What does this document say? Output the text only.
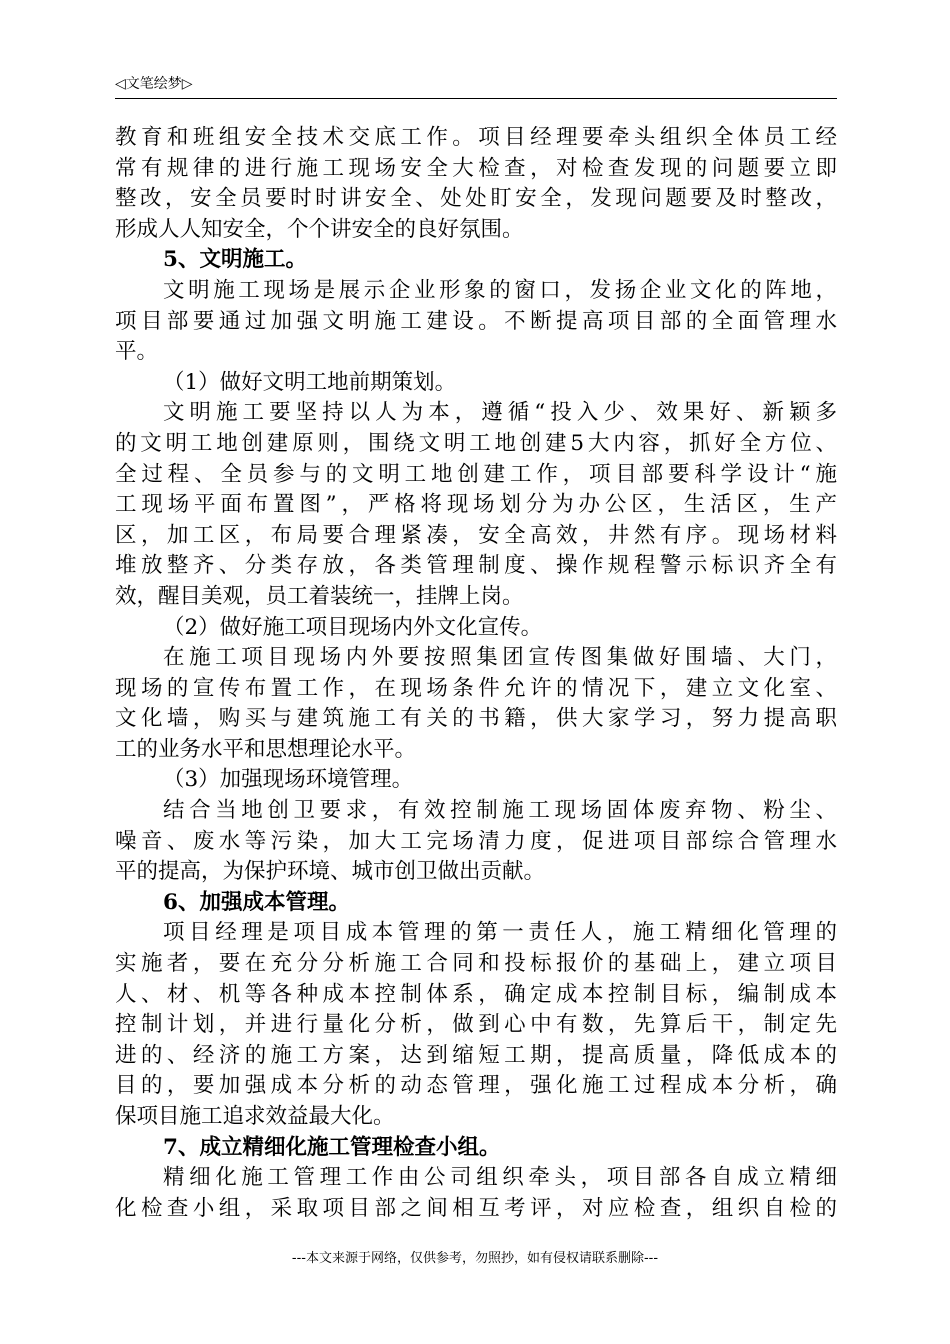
◁文笔绘梦▷
教育和班组安全技术交底工作。项目经理要牵头组织全体员工经
常有规律的进行施工现场安全大检查，对检查发现的问题要立即
整改，安全员要时时讲安全、处处盯安全，发现问题要及时整改，
形成人人知安全，个个讲安全的良好氛围。
5、文明施工。
文明施工现场是展示企业形象的窗口，发扬企业文化的阵地，
项目部要通过加强文明施工建设。不断提高项目部的全面管理水
平。
（1）做好文明工地前期策划。
文明施工要坚持以人为本，遵循“投入少、效果好、新颖多
的文明工地创建原则，围绕文明工地创建5大内容，抓好全方位、
全过程、全员参与的文明工地创建工作，项目部要科学设计“施
工现场平面布置图”，严格将现场划分为办公区，生活区，生产
区，加工区，布局要合理紧凑，安全高效，井然有序。现场材料
堆放整齐、分类存放，各类管理制度、操作规程警示标识齐全有
效，醒目美观，员工着装统一，挂牌上岗。
（2）做好施工项目现场内外文化宣传。
在施工项目现场内外要按照集团宣传图集做好围墙、大门，
现场的宣传布置工作，在现场条件允许的情况下，建立文化室、
文化墙，购买与建筑施工有关的书籍，供大家学习，努力提高职
工的业务水平和思想理论水平。
（3）加强现场环境管理。
结合当地创卫要求，有效控制施工现场固体废弃物、粉尘、
噪音、废水等污染，加大工完场清力度，促进项目部综合管理水
平的提高，为保护环境、城市创卫做出贡献。
6、加强成本管理。
项目经理是项目成本管理的第一责任人，施工精细化管理的
实施者，要在充分分析施工合同和投标报价的基础上，建立项目
人、材、机等各种成本控制体系，确定成本控制目标，编制成本
控制计划，并进行量化分析，做到心中有数，先算后干，制定先
进的、经济的施工方案，达到缩短工期，提高质量，降低成本的
目的，要加强成本分析的动态管理，强化施工过程成本分析，确
保项目施工追求效益最大化。
7、成立精细化施工管理检查小组。
精细化施工管理工作由公司组织牵头，项目部各自成立精细
化检查小组，采取项目部之间相互考评，对应检查，组织自检的
---本文来源于网络，仅供参考，勿照抄，如有侵权请联系删除---
